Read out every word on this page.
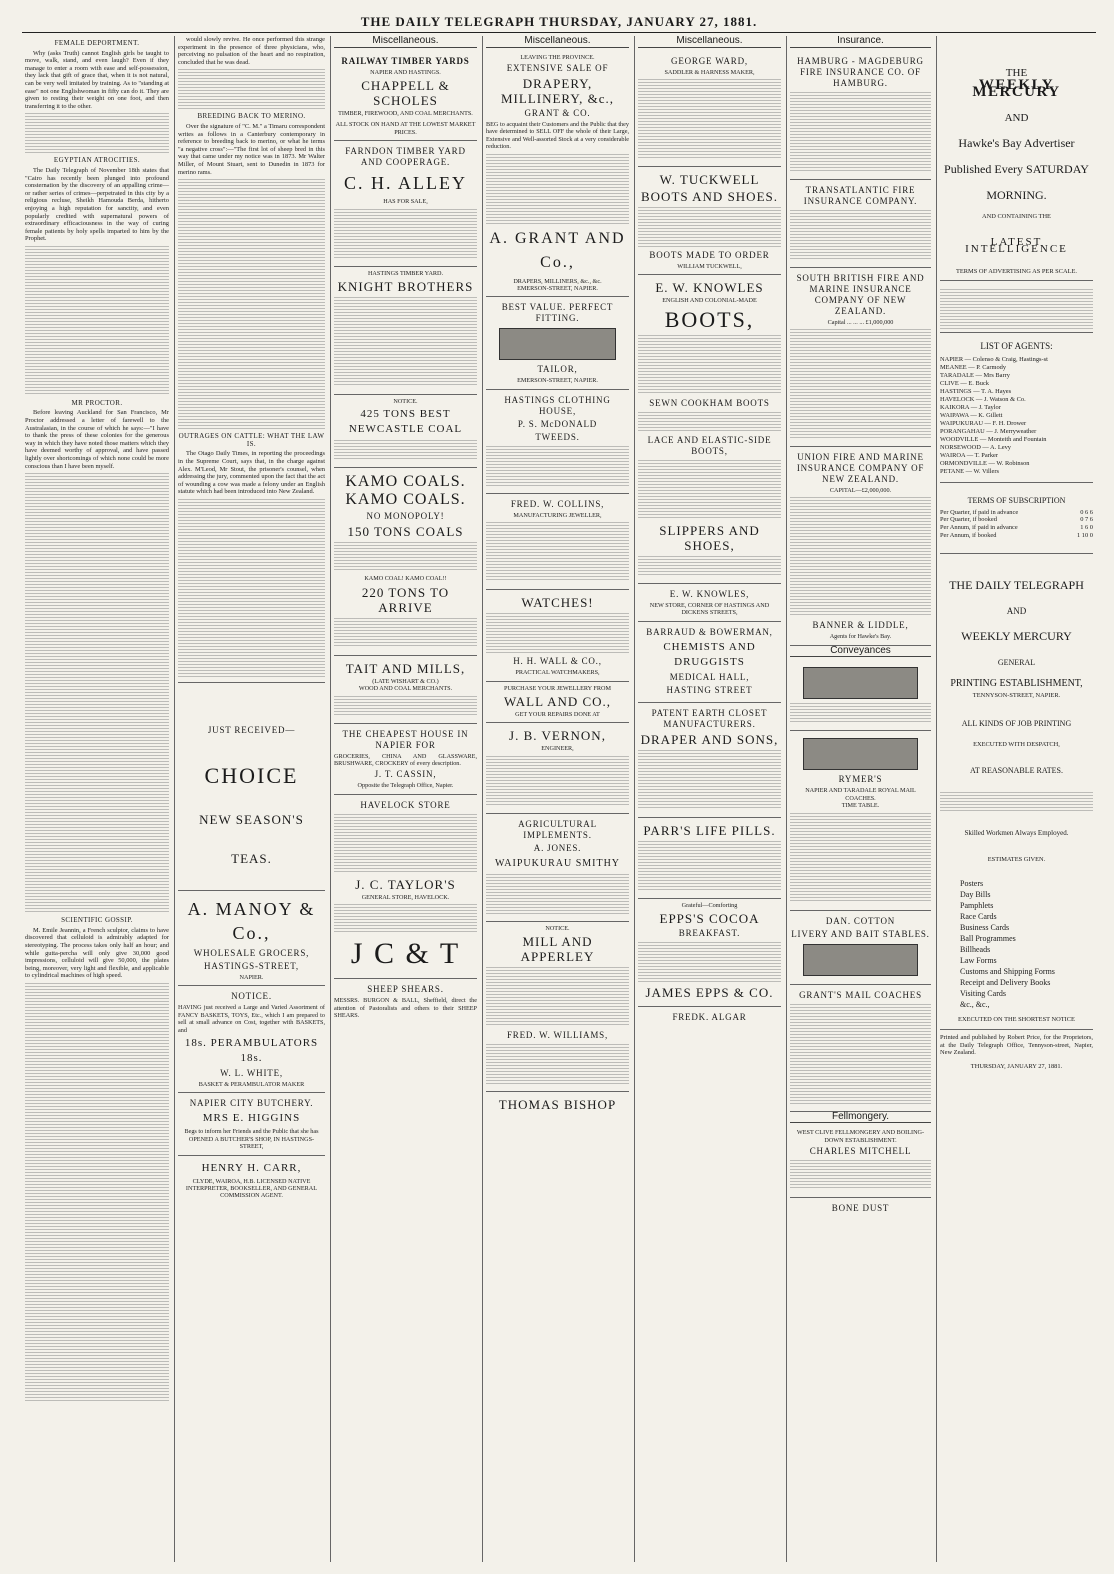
THE DAILY TELEGRAPH THURSDAY, JANUARY 27, 1881.
FEMALE DEPORTMENT.

Why (asks Truth) cannot English girls be taught to move, walk, stand, and even laugh? Even if they manage to enter a room with ease and self-possession, they lack that gift of grace that, when it is not natural, can be very well imitated by training. As to "standing at ease" not one Englishwoman in fifty can do it. They are given to resting their weight on one foot, and then transferring it to the other.

EGYPTIAN ATROCITIES.

The Daily Telegraph of November 18th states that "Cairo has recently been plunged into profound consternation by the discovery of an appalling crime—or rather series of crimes—perpetrated in this city by a religious recluse, Sheikh Hamouda Berda, hitherto enjoying a high reputation for sanctity, and even popularly credited with supernatural powers of extraordinary efficaciousness in the way of curing female patients by holy spells imparted to him by the Prophet.

MR PROCTOR.

Before leaving Auckland for San Francisco, Mr Proctor addressed a letter of farewell to the Australasian, in the course of which he says:—"I have to thank the press of these colonies for the generous way in which they have noted those matters which they have deemed worthy of approval, and have passed lightly over shortcomings of which none could be more conscious than I have been myself.

SCIENTIFIC GOSSIP.

M. Emile Jeannin, a French sculptor, claims to have discovered that celluloid is admirably adapted for stereotyping. The process takes only half an hour; and while gutta-percha will only give 30,000 good impressions, celluloid will give 50,000, the plates being, moreover, very light and flexible, and applicable to cylindrical machines of high speed.

would slowly revive. He once performed this strange experiment in the presence of three physicians, who, perceiving no pulsation of the heart and no respiration, concluded that he was dead.

BREEDING BACK TO MERINO.

Over the signature of "C. M." a Timaru correspondent writes as follows in a Canterbury contemporary in reference to breeding back to merino, or what he terms "a negative cross":—"The first lot of sheep bred in this way that came under my notice was in 1873. Mr Walter Miller, of Mount Stuart, sent to Dunedin in 1873 for merino rams.

OUTRAGES ON CATTLE: WHAT THE LAW IS.

The Otago Daily Times, in reporting the proceedings in the Supreme Court, says that, in the charge against Alex. M'Leod, Mr Stout, the prisoner's counsel, when addressing the jury, commented upon the fact that the act of wounding a cow was made a felony under an English statute which had been introduced into New Zealand.

JUST RECEIVED—
CHOICE
NEW SEASON'S
TEAS.
A. MANOY & Co.,
WHOLESALE GROCERS,
HASTINGS-STREET,
NAPIER.
NOTICE.
HAVING just received a Large and Varied Assortment of FANCY BASKETS, TOYS, Etc., which I am prepared to sell at small advance on Cost, together with BASKETS, and
18s. PERAMBULATORS 18s.
W. L. WHITE,
BASKET & PERAMBULATOR MAKER
NAPIER CITY BUTCHERY.
MRS E. HIGGINS
Begs to inform her Friends and the Public that she has OPENED A BUTCHER'S SHOP, IN HASTINGS-STREET,
HENRY H. CARR,
CLYDE, WAIROA, H.B. LICENSED NATIVE INTERPRETER, BOOKSELLER, AND GENERAL COMMISSION AGENT.
Miscellaneous.
RAILWAY TIMBER YARDS
NAPIER AND HASTINGS.
CHAPPELL & SCHOLES
TIMBER, FIREWOOD, AND COAL MERCHANTS.
ALL STOCK ON HAND AT THE LOWEST MARKET PRICES.
FARNDON TIMBER YARD AND COOPERAGE.
C. H. ALLEY
HAS FOR SALE,
HASTINGS TIMBER YARD.
KNIGHT BROTHERS
NOTICE.
425 TONS BEST NEWCASTLE COAL
KAMO COALS. KAMO COALS.
NO MONOPOLY!
150 TONS COALS
KAMO COAL! KAMO COAL!!
220 TONS TO ARRIVE
TAIT AND MILLS,
(LATE WISHART & CO.)
WOOD AND COAL MERCHANTS.
THE CHEAPEST HOUSE IN NAPIER FOR
GROCERIES, CHINA AND GLASSWARE, BRUSHWARE, CROCKERY of every description.
J. T. CASSIN,
Opposite the Telegraph Office, Napier.
HAVELOCK STORE
J. C. TAYLOR'S
GENERAL STORE, HAVELOCK.
J C & T
SHEEP SHEARS.
MESSRS. BURGON & BALL, Sheffield, direct the attention of Pastoralists and others to their SHEEP SHEARS.
Miscellaneous.
LEAVING THE PROVINCE.
EXTENSIVE SALE OF
DRAPERY, MILLINERY, &c.,
GRANT & CO.
BEG to acquaint their Customers and the Public that they have determined to SELL OFF the whole of their Large, Extensive and Well-assorted Stock at a very considerable reduction.
A. GRANT AND Co.,
DRAPERS, MILLINERS, &c., &c.
EMERSON-STREET, NAPIER.
BEST VALUE. PERFECT FITTING.
TAILOR,
EMERSON-STREET, NAPIER.
HASTINGS CLOTHING HOUSE,
P. S. McDONALD
TWEEDS.
FRED. W. COLLINS,
MANUFACTURING JEWELLER,
WATCHES!
H. H. WALL & CO.,
PRACTICAL WATCHMAKERS,
PURCHASE YOUR JEWELLERY FROM
WALL AND CO.,
GET YOUR REPAIRS DONE AT
J. B. VERNON,
ENGINEER,
AGRICULTURAL IMPLEMENTS.
A. JONES.
WAIPUKURAU SMITHY
NOTICE.
MILL AND APPERLEY
FRED. W. WILLIAMS,
THOMAS BISHOP
Miscellaneous.
GEORGE WARD,
SADDLER & HARNESS MAKER,
W. TUCKWELL
BOOTS AND SHOES.
BOOTS MADE TO ORDER
WILLIAM TUCKWELL,
E. W. KNOWLES
ENGLISH AND COLONIAL-MADE
BOOTS,
SEWN COOKHAM BOOTS
LACE AND ELASTIC-SIDE BOOTS,
SLIPPERS AND SHOES,
E. W. KNOWLES,
NEW STORE, CORNER OF HASTINGS AND DICKENS STREETS,
BARRAUD & BOWERMAN,
CHEMISTS AND DRUGGISTS
MEDICAL HALL,
HASTING STREET
PATENT EARTH CLOSET MANUFACTURERS.
DRAPER AND SONS,
PARR'S LIFE PILLS.
Grateful—Comforting
EPPS'S COCOA
BREAKFAST.
JAMES EPPS & CO.
FREDK. ALGAR
Insurance.
HAMBURG - MAGDEBURG FIRE INSURANCE CO. OF HAMBURG.
TRANSATLANTIC FIRE INSURANCE COMPANY.
SOUTH BRITISH FIRE AND MARINE INSURANCE COMPANY OF NEW ZEALAND.
Capital ... ... ... £1,000,000
UNION FIRE AND MARINE INSURANCE COMPANY OF NEW ZEALAND.
CAPITAL—£2,000,000.
BANNER & LIDDLE,
Agents for Hawke's Bay.
Conveyances
RYMER'S
NAPIER AND TARADALE ROYAL MAIL COACHES.
TIME TABLE.
DAN. COTTON
LIVERY AND BAIT STABLES.
GRANT'S MAIL COACHES
Fellmongery.
WEST CLIVE FELLMONGERY AND BOILING-DOWN ESTABLISHMENT.
CHARLES MITCHELL
BONE DUST
THE
WEEKLY MERCURY
AND
Hawke's Bay Advertiser
Published Every SATURDAY
MORNING.
AND CONTAINING THE
LATEST INTELLIGENCE
TERMS OF ADVERTISING AS PER SCALE.
LIST OF AGENTS:
NAPIER — Colenso & Craig, Hastings-st
MEANEE — P. Carmody
TARADALE — Mrs Barry
CLIVE — E. Buck
HASTINGS — T. A. Hayes
HAVELOCK — J. Watson & Co.
KAIKORA — J. Taylor
WAIPAWA — K. Gillett
WAIPUKURAU — F. H. Drower
PORANGAHAU — J. Merryweather
WOODVILLE — Monteith and Fountain
NORSEWOOD — A. Levy
WAIROA — T. Parker
ORMONDVILLE — W. Robinson
PETANE — W. Villers
TERMS OF SUBSCRIPTION
Per Quarter, if paid in advance	0 6 6
Per Quarter, if booked	0 7 6
Per Annum, if paid in advance	1 6 0
Per Annum, if booked	1 10 0
THE DAILY TELEGRAPH
AND
WEEKLY MERCURY
GENERAL
PRINTING ESTABLISHMENT,
TENNYSON-STREET, NAPIER.
ALL KINDS OF JOB PRINTING
EXECUTED WITH DESPATCH,
AT REASONABLE RATES.
Skilled Workmen Always Employed.
ESTIMATES GIVEN.
Posters
Day Bills
Pamphlets
Race Cards
Business Cards
Ball Programmes
Billheads
Law Forms
Customs and Shipping Forms
Receipt and Delivery Books
Visiting Cards
&c., &c.,
EXECUTED ON THE SHORTEST NOTICE
Printed and published by Robert Price, for the Proprietors, at the Daily Telegraph Office, Tennyson-street, Napier, New Zealand.
THURSDAY, JANUARY 27, 1881.
